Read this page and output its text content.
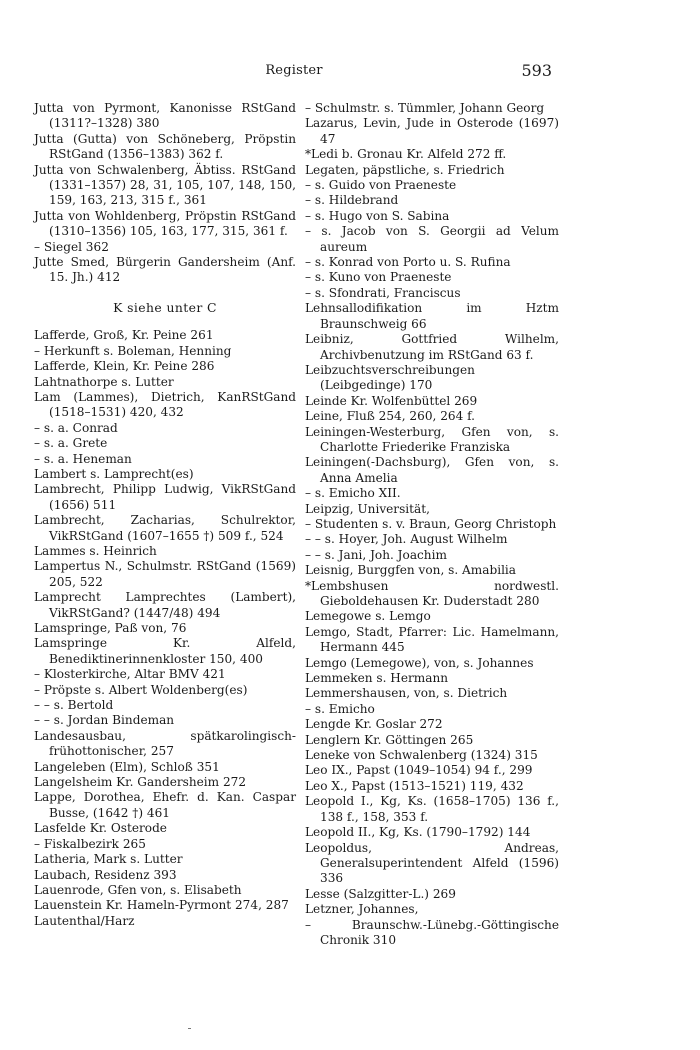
Register	593

Jutta von Pyrmont, Kanonisse RStGand (1311?–1328) 380

Jutta (Gutta) von Schöneberg, Pröpstin RStGand (1356–1383) 362 f.

Jutta von Schwalenberg, Äbtiss. RStGand (1331–1357) 28, 31, 105, 107, 148, 150, 159, 163, 213, 315 f., 361

Jutta von Wohldenberg, Pröpstin RStGand (1310–1356) 105, 163, 177, 315, 361 f.

– Siegel 362

Jutte Smed, Bürgerin Gandersheim (Anf. 15. Jh.) 412

K siehe unter C

Lafferde, Groß, Kr. Peine 261

– Herkunft s. Boleman, Henning

Lafferde, Klein, Kr. Peine 286

Lahtnathorpe s. Lutter

Lam (Lammes), Dietrich, KanRStGand (1518–1531) 420, 432

– s. a. Conrad

– s. a. Grete

– s. a. Heneman

Lambert s. Lamprecht(es)

Lambrecht, Philipp Ludwig, VikRStGand (1656) 511

Lambrecht, Zacharias, Schulrektor, VikRStGand (1607–1655 †) 509 f., 524

Lammes s. Heinrich

Lampertus N., Schulmstr. RStGand (1569) 205, 522

Lamprecht Lamprechtes (Lambert), VikRStGand? (1447/48) 494

Lamspringe, Paß von, 76

Lamspringe Kr. Alfeld, Benediktinerinnenkloster 150, 400

– Klosterkirche, Altar BMV 421

– Pröpste s. Albert Woldenberg(es)

– – s. Bertold

– – s. Jordan Bindeman

Landesausbau, spätkarolingisch-frühottonischer, 257

Langeleben (Elm), Schloß 351

Langelsheim Kr. Gandersheim 272

Lappe, Dorothea, Ehefr. d. Kan. Caspar Busse, (1642 †) 461

Lasfelde Kr. Osterode

– Fiskalbezirk 265

Latheria, Mark s. Lutter

Laubach, Residenz 393

Lauenrode, Gfen von, s. Elisabeth

Lauenstein Kr. Hameln-Pyrmont 274, 287

Lautenthal/Harz

– Schulmstr. s. Tümmler, Johann Georg

Lazarus, Levin, Jude in Osterode (1697) 47

*Ledi b. Gronau Kr. Alfeld 272 ff.

Legaten, päpstliche, s. Friedrich

– s. Guido von Praeneste

– s. Hildebrand

– s. Hugo von S. Sabina

– s. Jacob von S. Georgii ad Velum aureum

– s. Konrad von Porto u. S. Rufina

– s. Kuno von Praeneste

– s. Sfondrati, Franciscus

Lehnsallodifikation im Hztm Braunschweig 66

Leibniz, Gottfried Wilhelm, Archivbenutzung im RStGand 63 f.

Leibzuchtsverschreibungen (Leibgedinge) 170

Leinde Kr. Wolfenbüttel 269

Leine, Fluß 254, 260, 264 f.

Leiningen-Westerburg, Gfen von, s. Charlotte Friederike Franziska

Leiningen(-Dachsburg), Gfen von, s. Anna Amelia

– s. Emicho XII.

Leipzig, Universität,

– Studenten s. v. Braun, Georg Christoph

– – s. Hoyer, Joh. August Wilhelm

– – s. Jani, Joh. Joachim

Leisnig, Burggfen von, s. Amabilia

*Lembshusen nordwestl. Gieboldehausen Kr. Duderstadt 280

Lemegowe s. Lemgo

Lemgo, Stadt, Pfarrer: Lic. Hamelmann, Hermann 445

Lemgo (Lemegowe), von, s. Johannes

Lemmeken s. Hermann

Lemmershausen, von, s. Dietrich

– s. Emicho

Lengde Kr. Goslar 272

Lenglern Kr. Göttingen 265

Leneke von Schwalenberg (1324) 315

Leo IX., Papst (1049–1054) 94 f., 299

Leo X., Papst (1513–1521) 119, 432

Leopold I., Kg, Ks. (1658–1705) 136 f., 138 f., 158, 353 f.

Leopold II., Kg, Ks. (1790–1792) 144

Leopoldus, Andreas, Generalsuperintendent Alfeld (1596) 336

Lesse (Salzgitter-L.) 269

Letzner, Johannes,

– Braunschw.-Lünebg.-Göttingische Chronik 310
